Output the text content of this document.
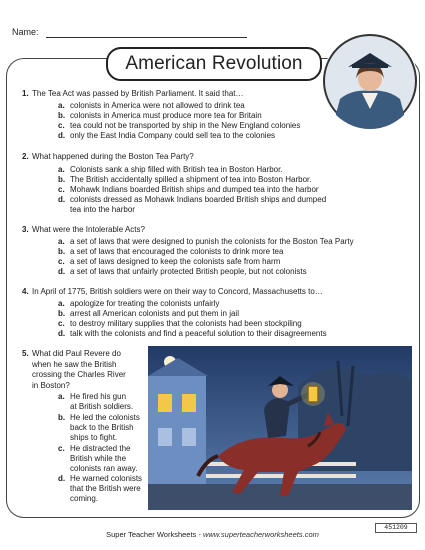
Name:
American Revolution
1. The Tea Act was passed by British Parliament. It said that…
a. colonists in America were not allowed to drink tea
b. colonists in America must produce more tea for Britain
c. tea could not be transported by ship in the New England colonies
d. only the East India Company could sell tea to the colonies
2. What happened during the Boston Tea Party?
a. Colonists sank a ship filled with British tea in Boston Harbor.
b. The British accidentally spilled a shipment of tea into Boston Harbor.
c. Mohawk Indians boarded British ships and dumped tea into the harbor
d. colonists dressed as Mohawk Indians boarded British ships and dumped
tea into the harbor
3. What were the Intolerable Acts?
a. a set of laws that were designed to punish the colonists for the Boston Tea Party
b. a set of laws that encouraged the colonists to drink more tea
c. a set of laws designed to keep the colonists safe from harm
d. a set of laws that unfairly protected British people, but not colonists
4. In April of 1775, British soldiers were on their way to Concord, Massachusetts to…
a. apologize for treating the colonists unfairly
b. arrest all American colonists and put them in jail
c. to destroy military supplies that the colonists had been stockpiling
d. talk with the colonists and find a peaceful solution to their disagreements
5. What did Paul Revere do
when he saw the British
crossing the Charles River
in Boston?
a. He fired his gun
at British soldiers.
b. He led the colonists
back to the British
ships to fight.
c. He distracted the
British while the
colonists ran away.
d. He warned colonists
that the British were
coming.
Super Teacher Worksheets - www.superteacherworksheets.com
451209
